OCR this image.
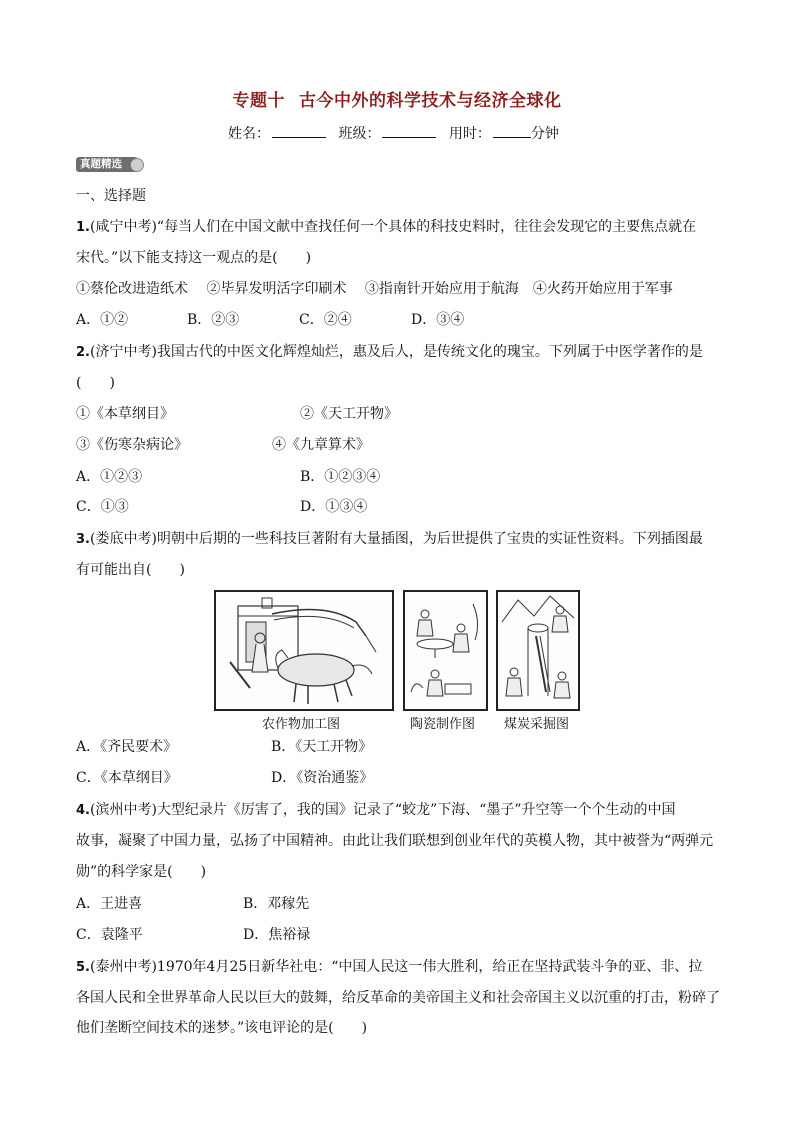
专题十 古今中外的科学技术与经济全球化
姓名：	班级：	用时：	分钟
真题精选
一、选择题
1.(咸宁中考)“每当人们在中国文献中查找任何一个具体的科技史料时，往往会发现它的主要焦点就在
宋代。”以下能支持这一观点的是(　　)
①蔡伦改进造纸术　 ②毕昇发明活字印刷术　 ③指南针开始应用于航海　④火药开始应用于军事
A．①②	B．②③	C．②④	D．③④
2.(济宁中考)我国古代的中医文化辉煌灿烂，惠及后人，是传统文化的瑰宝。下列属于中医学著作的是
(　　)
①《本草纲目》	②《天工开物》
③《伤寒杂病论》	④《九章算术》
A．①②③	B．①②③④
C．①③	D．①③④
3.(娄底中考)明朝中后期的一些科技巨著附有大量插图，为后世提供了宝贵的实证性资料。下列插图最
有可能出自(　　)
农作物加工图	陶瓷制作图 煤炭采掘图
A．《齐民要术》	B．《天工开物》
C．《本草纲目》	D．《资治通鉴》
4.(滨州中考)大型纪录片《厉害了，我的国》记录了“蛟龙”下海、“墨子”升空等一个个生动的中国
故事，凝聚了中国力量，弘扬了中国精神。由此让我们联想到创业年代的英模人物，其中被誉为“两弹元
勋”的科学家是(　　)
A．王进喜	B．邓稼先
C．袁隆平	D．焦裕禄
5.(泰州中考)1970年4月25日新华社电：“中国人民这一伟大胜利，给正在坚持武装斗争的亚、非、拉
各国人民和全世界革命人民以巨大的鼓舞，给反革命的美帝国主义和社会帝国主义以沉重的打击，粉碎了
他们垄断空间技术的迷梦。”该电评论的是(　　)
